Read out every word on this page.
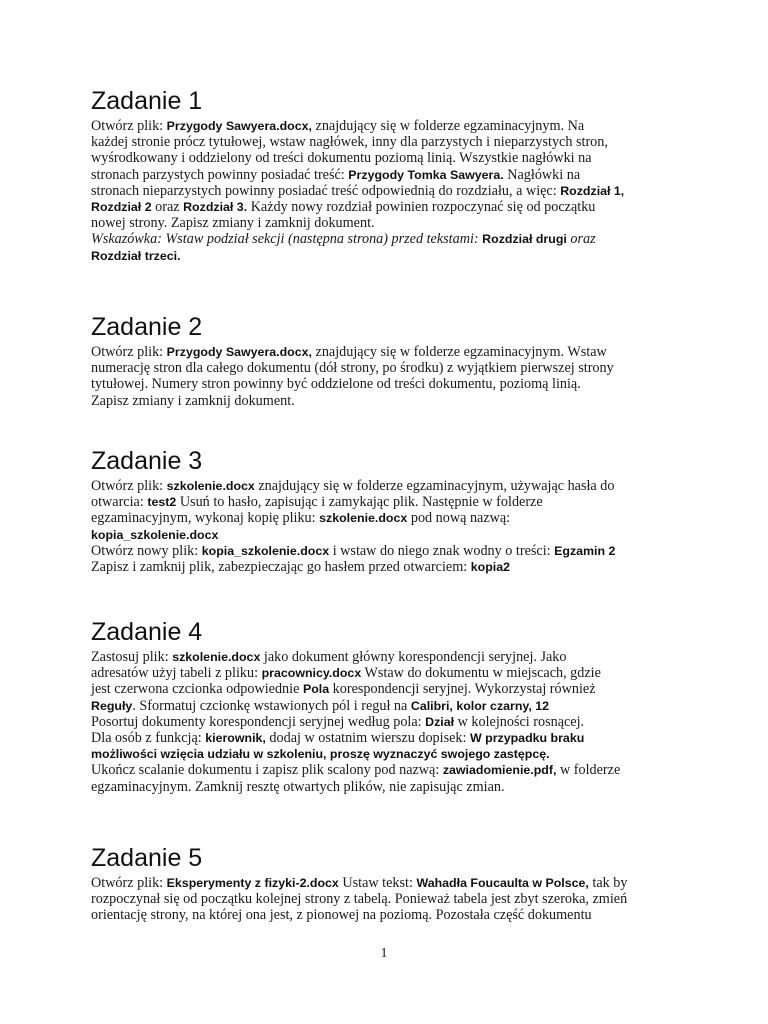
Zadanie 1

Otwórz plik: Przygody Sawyera.docx, znajdujący się w folderze egzaminacyjnym. Na
każdej stronie prócz tytułowej, wstaw nagłówek, inny dla parzystych i nieparzystych stron,
wyśrodkowany i oddzielony od treści dokumentu poziomą linią. Wszystkie nagłówki na
stronach parzystych powinny posiadać treść: Przygody Tomka Sawyera. Nagłówki na
stronach nieparzystych powinny posiadać treść odpowiednią do rozdziału, a więc: Rozdział 1,
Rozdział 2 oraz Rozdział 3. Każdy nowy rozdział powinien rozpoczynać się od początku
nowej strony. Zapisz zmiany i zamknij dokument.
Wskazówka: Wstaw podział sekcji (następna strona) przed tekstami: Rozdział drugi oraz
Rozdział trzeci.

Zadanie 2

Otwórz plik: Przygody Sawyera.docx, znajdujący się w folderze egzaminacyjnym. Wstaw
numerację stron dla całego dokumentu (dół strony, po środku) z wyjątkiem pierwszej strony
tytułowej. Numery stron powinny być oddzielone od treści dokumentu, poziomą linią.
Zapisz zmiany i zamknij dokument.

Zadanie 3

Otwórz plik: szkolenie.docx znajdujący się w folderze egzaminacyjnym, używając hasła do
otwarcia: test2 Usuń to hasło, zapisując i zamykając plik. Następnie w folderze
egzaminacyjnym, wykonaj kopię pliku: szkolenie.docx pod nową nazwą:
kopia_szkolenie.docx
Otwórz nowy plik: kopia_szkolenie.docx i wstaw do niego znak wodny o treści: Egzamin 2
Zapisz i zamknij plik, zabezpieczając go hasłem przed otwarciem: kopia2

Zadanie 4

Zastosuj plik: szkolenie.docx jako dokument główny korespondencji seryjnej. Jako
adresatów użyj tabeli z pliku: pracownicy.docx Wstaw do dokumentu w miejscach, gdzie
jest czerwona czcionka odpowiednie Pola korespondencji seryjnej. Wykorzystaj również
Reguły. Sformatuj czcionkę wstawionych pól i reguł na Calibri, kolor czarny, 12
Posortuj dokumenty korespondencji seryjnej według pola: Dział w kolejności rosnącej.
Dla osób z funkcją: kierownik, dodaj w ostatnim wierszu dopisek: W przypadku braku
możliwości wzięcia udziału w szkoleniu, proszę wyznaczyć swojego zastępcę.
Ukończ scalanie dokumentu i zapisz plik scalony pod nazwą: zawiadomienie.pdf, w folderze
egzaminacyjnym. Zamknij resztę otwartych plików, nie zapisując zmian.

Zadanie 5

Otwórz plik: Eksperymenty z fizyki-2.docx Ustaw tekst: Wahadła Foucaulta w Polsce, tak by
rozpoczynał się od początku kolejnej strony z tabelą. Ponieważ tabela jest zbyt szeroka, zmień
orientację strony, na której ona jest, z pionowej na poziomą. Pozostała część dokumentu

1
